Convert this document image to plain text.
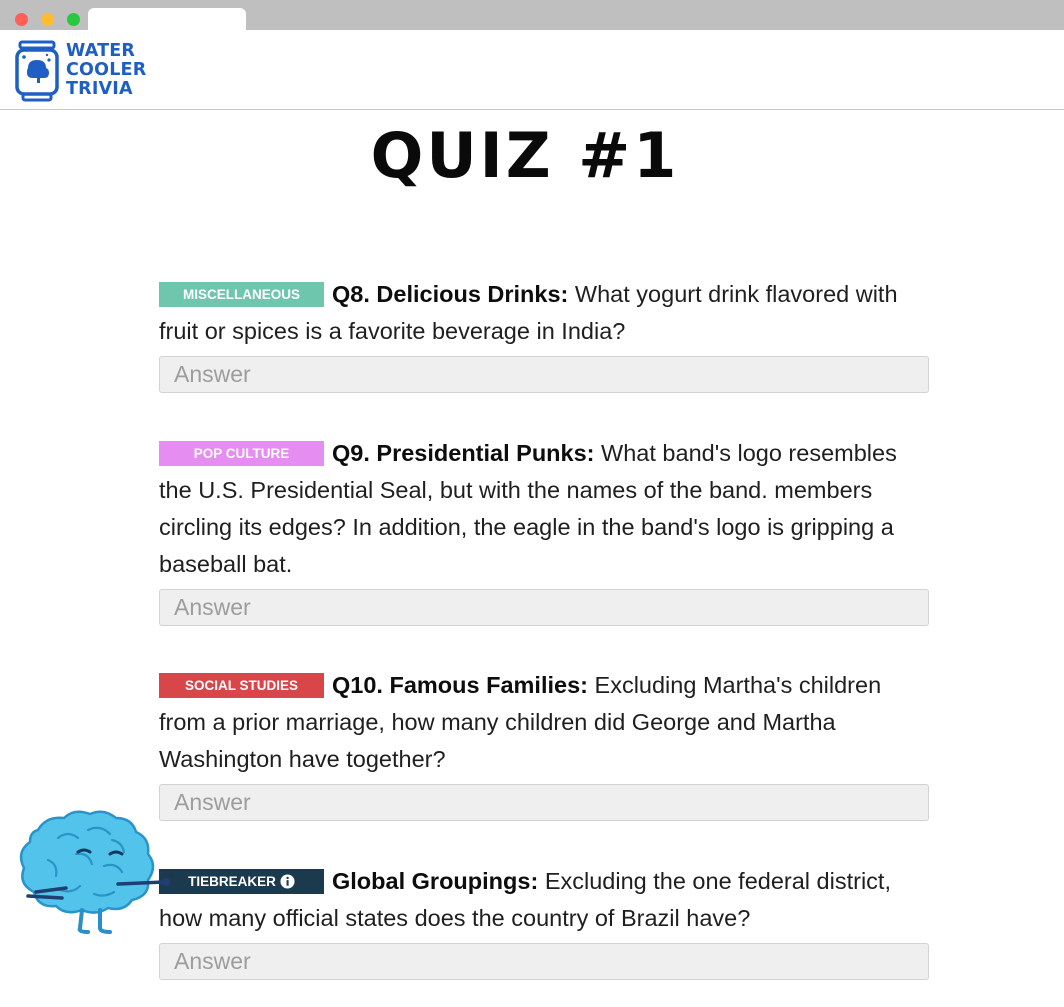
WATER
COOLER
TRIVIA
QUIZ #1

MISCELLANEOUS Q8. Delicious Drinks: What yogurt drink flavored with fruit or spices is a favorite beverage in India?

Answer

POP CULTURE Q9. Presidential Punks: What band's logo resembles the U.S. Presidential Seal, but with the names of the band. members circling its edges? In addition, the eagle in the band's logo is gripping a baseball bat.

Answer

SOCIAL STUDIES Q10. Famous Families: Excluding Martha's children from a prior marriage, how many children did George and Martha Washington have together?

Answer

TIEBREAKER Global Groupings: Excluding the one federal district, how many official states does the country of Brazil have?

Answer
